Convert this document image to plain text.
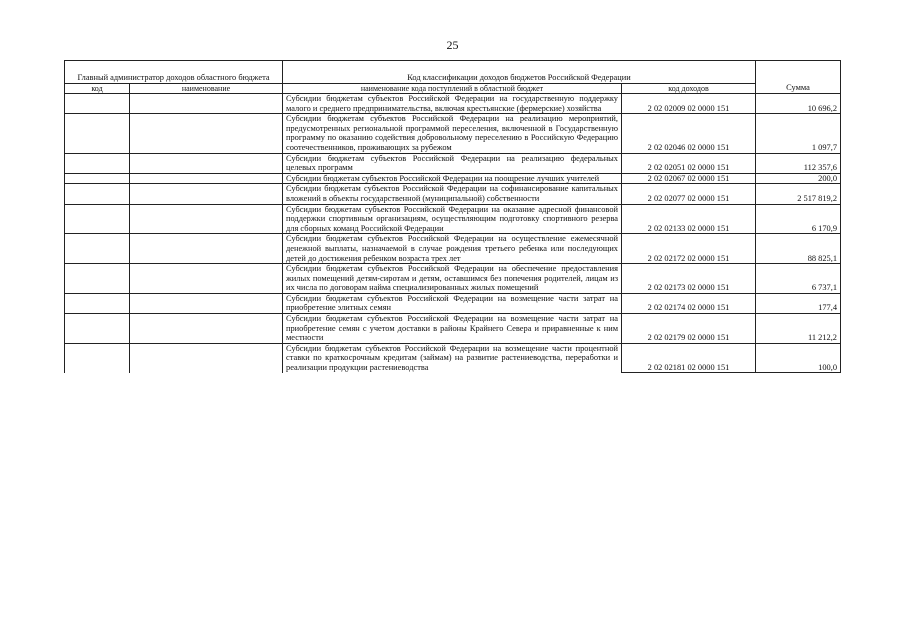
25
Главный администратор доходов областного бюджета		Код классификации доходов бюджетов Российской Федерации		Сумма
код	наименование	наименование кода поступлений в областной бюджет	код доходов	
		Субсидии бюджетам субъектов Российской Федерации на государственную поддержку малого и среднего предпринимательства, включая крестьянские (фермерские) хозяйства	2 02 02009 02 0000 151	10 696,2
		Субсидии бюджетам субъектов Российской Федерации на реализацию мероприятий, предусмотренных региональной программой переселения, включенной в Государственную программу по оказанию содействия добровольному переселению в Российскую Федерацию соотечественников, проживающих за рубежом	2 02 02046 02 0000 151	1 097,7
		Субсидии бюджетам субъектов Российской Федерации на реализацию федеральных целевых программ	2 02 02051 02 0000 151	112 357,6
		Субсидии бюджетам субъектов Российской Федерации на поощрение лучших учителей	2 02 02067 02 0000 151	200,0
		Субсидии бюджетам субъектов Российской Федерации на софинансирование капитальных вложений в объекты государственной (муниципальной) собственности	2 02 02077 02 0000 151	2 517 819,2
		Субсидии бюджетам субъектов Российской Федерации на оказание адресной финансовой поддержки спортивным организациям, осуществляющим подготовку спортивного резерва для сборных команд Российской Федерации	2 02 02133 02 0000 151	6 170,9
		Субсидии бюджетам субъектов Российской Федерации на осуществление ежемесячной денежной выплаты, назначаемой в случае рождения третьего ребенка или последующих детей до достижения ребенком возраста трех лет	2 02 02172 02 0000 151	88 825,1
		Субсидии бюджетам субъектов Российской Федерации на обеспечение предоставления жилых помещений детям-сиротам и детям, оставшимся без попечения родителей, лицам из их числа по договорам найма специализированных жилых помещений	2 02 02173 02 0000 151	6 737,1
		Субсидии бюджетам субъектов Российской Федерации на возмещение части затрат на приобретение элитных семян	2 02 02174 02 0000 151	177,4
		Субсидии бюджетам субъектов Российской Федерации на возмещение части затрат на приобретение семян с учетом доставки в районы Крайнего Севера и приравненные к ним местности	2 02 02179 02 0000 151	11 212,2
		Субсидии бюджетам субъектов Российской Федерации на возмещение части процентной ставки по краткосрочным кредитам (займам) на развитие растениеводства, переработки и реализации продукции растениеводства	2 02 02181 02 0000 151	100,0
